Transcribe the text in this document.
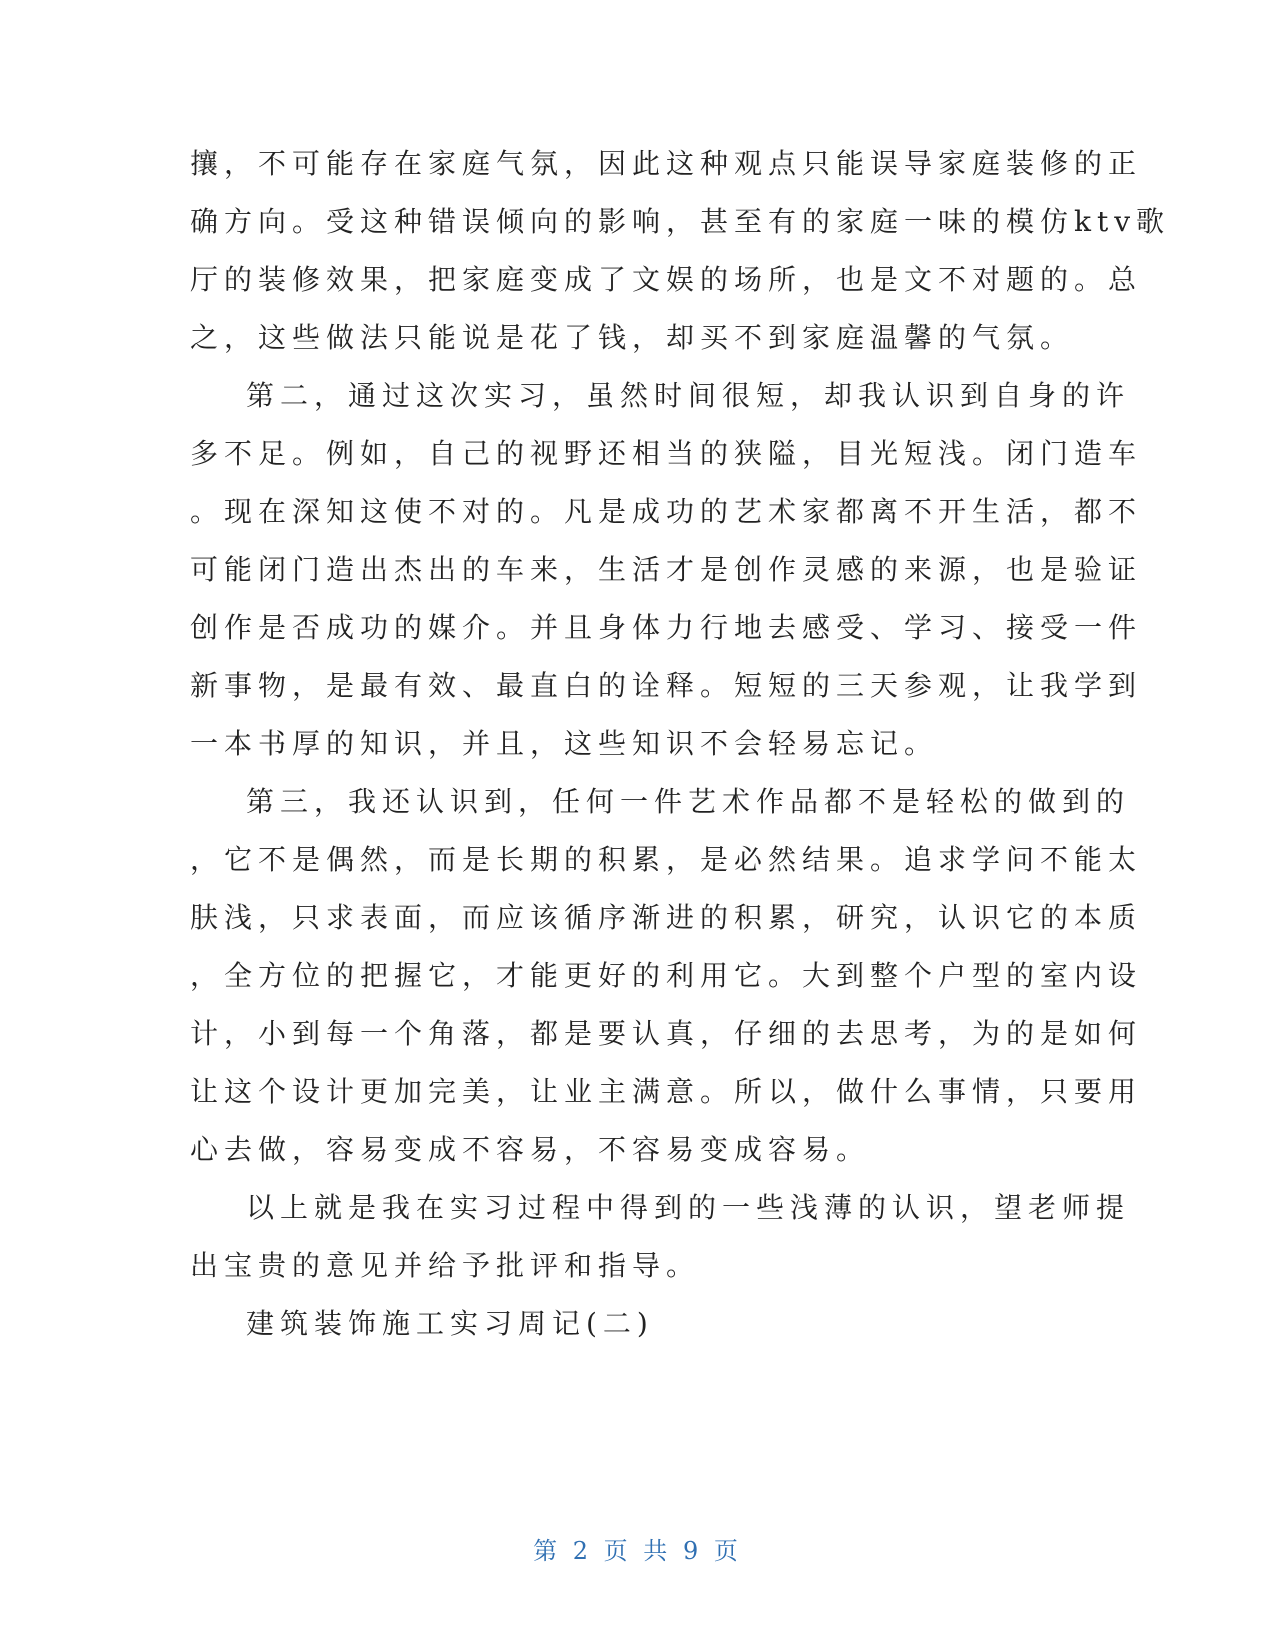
攘，不可能存在家庭气氛，因此这种观点只能误导家庭装修的正
确方向。受这种错误倾向的影响，甚至有的家庭一味的模仿ktv歌
厅的装修效果，把家庭变成了文娱的场所，也是文不对题的。总
之，这些做法只能说是花了钱，却买不到家庭温馨的气氛。
第二，通过这次实习，虽然时间很短，却我认识到自身的许
多不足。例如，自己的视野还相当的狭隘，目光短浅。闭门造车
。现在深知这使不对的。凡是成功的艺术家都离不开生活，都不
可能闭门造出杰出的车来，生活才是创作灵感的来源，也是验证
创作是否成功的媒介。并且身体力行地去感受、学习、接受一件
新事物，是最有效、最直白的诠释。短短的三天参观，让我学到
一本书厚的知识，并且，这些知识不会轻易忘记。
第三，我还认识到，任何一件艺术作品都不是轻松的做到的
，它不是偶然，而是长期的积累，是必然结果。追求学问不能太
肤浅，只求表面，而应该循序渐进的积累，研究，认识它的本质
，全方位的把握它，才能更好的利用它。大到整个户型的室内设
计，小到每一个角落，都是要认真，仔细的去思考，为的是如何
让这个设计更加完美，让业主满意。所以，做什么事情，只要用
心去做，容易变成不容易，不容易变成容易。
以上就是我在实习过程中得到的一些浅薄的认识，望老师提
出宝贵的意见并给予批评和指导。
建筑装饰施工实习周记(二)
第 2 页 共 9 页
